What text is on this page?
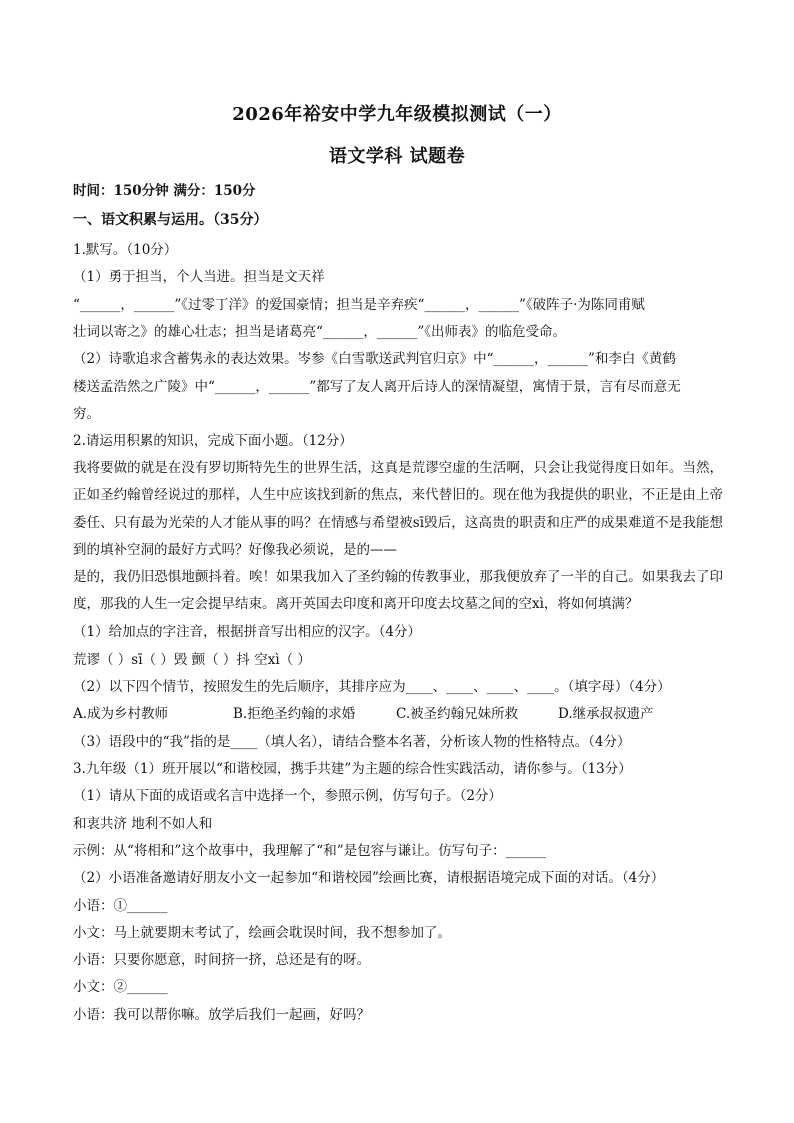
2026年裕安中学九年级模拟测试（一）
语文学科 试题卷
时间：150分钟 满分：150分
一、语文积累与运用。（35分）
1.默写。（10分）
（1）勇于担当，个人当进。担当是文天祥
“______，______”《过零丁洋》的爱国豪情；担当是辛弃疾“______，______”《破阵子·为陈同甫赋
壮词以寄之》的雄心壮志；担当是诸葛亮“______，______”《出师表》的临危受命。
（2）诗歌追求含蓄隽永的表达效果。岑参《白雪歌送武判官归京》中“______，______”和李白《黄鹤
楼送孟浩然之广陵》中“______，______”都写了友人离开后诗人的深情凝望，寓情于景，言有尽而意无
穷。
2.请运用积累的知识，完成下面小题。（12分）
我将要做的就是在没有罗切斯特先生的世界生活，这真是荒谬空虚的生活啊，只会让我觉得度日如年。当然，正如圣约翰曾经说过的那样，人生中应该找到新的焦点，来代替旧的。现在他为我提供的职业，不正是由上帝委任、只有最为光荣的人才能从事的吗？在情感与希望被sī毁后，这高贵的职责和庄严的成果难道不是我能想到的填补空洞的最好方式吗？好像我必须说，是的——
是的，我仍旧恐惧地颤抖着。唉！如果我加入了圣约翰的传教事业，那我便放弃了一半的自己。如果我去了印度，那我的人生一定会提早结束。离开英国去印度和离开印度去坟墓之间的空xì，将如何填满？
（1）给加点的字注音，根据拼音写出相应的汉字。（4分）
荒谬（ ）sī（ ）毁 颤（ ）抖 空xì（ ）
（2）以下四个情节，按照发生的先后顺序，其排序应为____、____、____、____。（填字母）（4分）
A.成为乡村教师	B.拒绝圣约翰的求婚	C.被圣约翰兄妹所救	D.继承叔叔遗产
（3）语段中的“我”指的是____（填人名），请结合整本名著，分析该人物的性格特点。（4分）
3.九年级（1）班开展以“和谐校园，携手共建”为主题的综合性实践活动，请你参与。（13分）
（1）请从下面的成语或名言中选择一个，参照示例，仿写句子。（2分）
和衷共济 地利不如人和
示例：从“将相和”这个故事中，我理解了“和”是包容与谦让。仿写句子：______
（2）小语准备邀请好朋友小文一起参加“和谐校园”绘画比赛，请根据语境完成下面的对话。（4分）
小语：①______
小文：马上就要期末考试了，绘画会耽误时间，我不想参加了。
小语：只要你愿意，时间挤一挤，总还是有的呀。
小文：②______
小语：我可以帮你嘛。放学后我们一起画，好吗？
